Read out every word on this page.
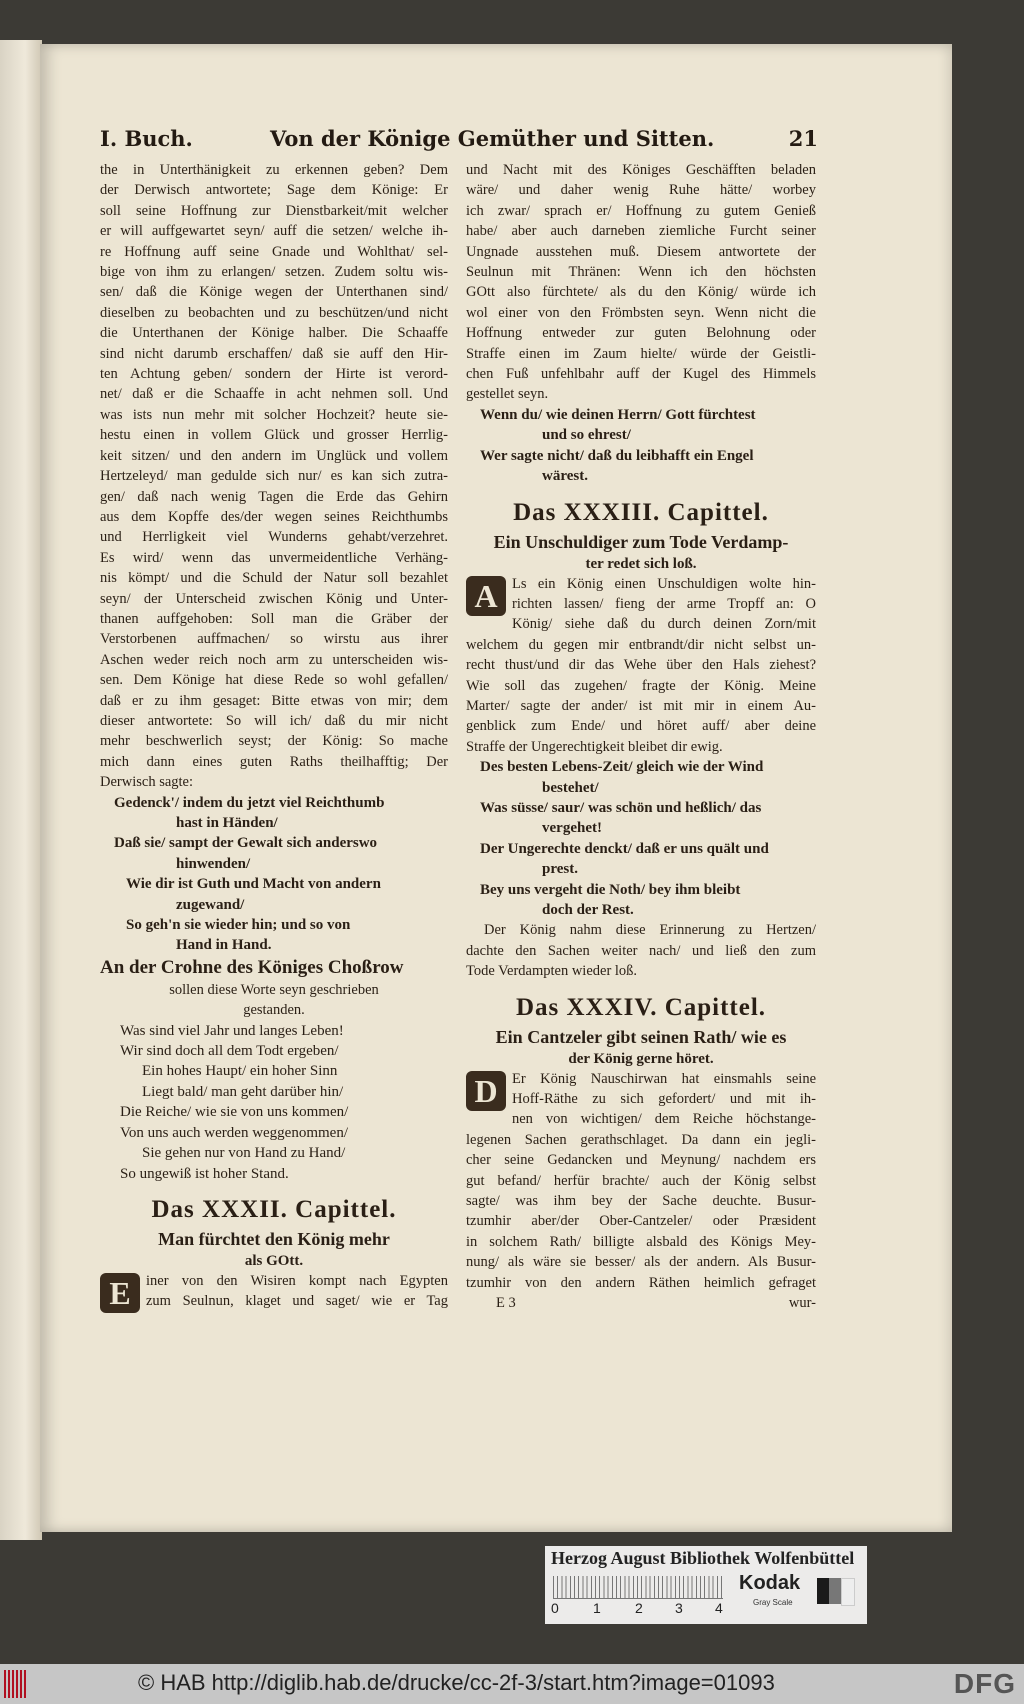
I. Buch.	Von der Könige Gemüther und Sitten.	21
the in Unterthänigkeit zu erkennen geben? Dem
der Derwisch antwortete; Sage dem Könige: Er
soll seine Hoffnung zur Dienstbarkeit/mit welcher
er will auffgewartet seyn/ auff die setzen/ welche ih-
re Hoffnung auff seine Gnade und Wohlthat/ sel-
bige von ihm zu erlangen/ setzen. Zudem soltu wis-
sen/ daß die Könige wegen der Unterthanen sind/
dieselben zu beobachten und zu beschützen/und nicht
die Unterthanen der Könige halber. Die Schaaffe
sind nicht darumb erschaffen/ daß sie auff den Hir-
ten Achtung geben/ sondern der Hirte ist verord-
net/ daß er die Schaaffe in acht nehmen soll. Und
was ists nun mehr mit solcher Hochzeit? heute sie-
hestu einen in vollem Glück und grosser Herrlig-
keit sitzen/ und den andern im Unglück und vollem
Hertzeleyd/ man gedulde sich nur/ es kan sich zutra-
gen/ daß nach wenig Tagen die Erde das Gehirn
aus dem Kopffe des/der wegen seines Reichthumbs
und Herrligkeit viel Wunderns gehabt/verzehret.
Es wird/ wenn das unvermeidentliche Verhäng-
nis kömpt/ und die Schuld der Natur soll bezahlet
seyn/ der Unterscheid zwischen König und Unter-
thanen auffgehoben: Soll man die Gräber der
Verstorbenen auffmachen/ so wirstu aus ihrer
Aschen weder reich noch arm zu unterscheiden wis-
sen. Dem Könige hat diese Rede so wohl gefallen/
daß er zu ihm gesaget: Bitte etwas von mir; dem
dieser antwortete: So will ich/ daß du mir nicht
mehr beschwerlich seyst; der König: So mache
mich dann eines guten Raths theilhafftig; Der
Derwisch sagte:
Gedenck'/ indem du jetzt viel Reichthumb
hast in Händen/
Daß sie/ sampt der Gewalt sich anderswo
hinwenden/
Wie dir ist Guth und Macht von andern
zugewand/
So geh'n sie wieder hin; und so von
Hand in Hand.
An der Crohne des Königes Choßrow
sollen diese Worte seyn geschrieben
gestanden.
Was sind viel Jahr und langes Leben!
Wir sind doch all dem Todt ergeben/
Ein hohes Haupt/ ein hoher Sinn
Liegt bald/ man geht darüber hin/
Die Reiche/ wie sie von uns kommen/
Von uns auch werden weggenommen/
Sie gehen nur von Hand zu Hand/
So ungewiß ist hoher Stand.
Das XXXII. Capittel.
Man fürchtet den König mehr
als GOtt.
E	iner von den Wisiren kompt nach Egypten
zum Seulnun, klaget und saget/ wie er Tag
und Nacht mit des Königes Geschäfften beladen
wäre/ und daher wenig Ruhe hätte/ worbey
ich zwar/ sprach er/ Hoffnung zu gutem Genieß
habe/ aber auch darneben ziemliche Furcht seiner
Ungnade ausstehen muß. Diesem antwortete der
Seulnun mit Thränen: Wenn ich den höchsten
GOtt also fürchtete/ als du den König/ würde ich
wol einer von den Frömbsten seyn. Wenn nicht die
Hoffnung entweder zur guten Belohnung oder
Straffe einen im Zaum hielte/ würde der Geistli-
chen Fuß unfehlbahr auff der Kugel des Himmels
gestellet seyn.
Wenn du/ wie deinen Herrn/ Gott fürchtest
und so ehrest/
Wer sagte nicht/ daß du leibhafft ein Engel
wärest.
Das XXXIII. Capittel.
Ein Unschuldiger zum Tode Verdamp-
ter redet sich loß.
A Ls ein König einen Unschuldigen wolte hin-
richten lassen/ fieng der arme Tropff an: O
König/ siehe daß du durch deinen Zorn/mit
welchem du gegen mir entbrandt/dir nicht selbst un-
recht thust/und dir das Wehe über den Hals ziehest?
Wie soll das zugehen/ fragte der König. Meine
Marter/ sagte der ander/ ist mit mir in einem Au-
genblick zum Ende/ und höret auff/ aber deine
Straffe der Ungerechtigkeit bleibet dir ewig.
Des besten Lebens-Zeit/ gleich wie der Wind
bestehet/
Was süsse/ saur/ was schön und heßlich/ das
vergehet!
Der Ungerechte denckt/ daß er uns quält und
prest.
Bey uns vergeht die Noth/ bey ihm bleibt
doch der Rest.
Der König nahm diese Erinnerung zu Hertzen/
dachte den Sachen weiter nach/ und ließ den zum
Tode Verdampten wieder loß.
Das XXXIV. Capittel.
Ein Cantzeler gibt seinen Rath/ wie es
der König gerne höret.
D Er König Nauschirwan hat einsmahls seine
Hoff-Räthe zu sich gefordert/ und mit ih-
nen von wichtigen/ dem Reiche höchstange-
legenen Sachen gerathschlaget. Da dann ein jegli-
cher seine Gedancken und Meynung/ nachdem ers
gut befand/ herfür brachte/ auch der König selbst
sagte/ was ihm bey der Sache deuchte. Busur-
tzumhir aber/der Ober-Cantzeler/ oder Præsident
in solchem Rath/ billigte alsbald des Königs Mey-
nung/ als wäre sie besser/ als der andern. Als Busur-
tzumhir von den andern Räthen heimlich gefraget
E 3	wur-
Herzog August Bibliothek Wolfenbüttel
0 1 2 3 4
Kodak
Gray Scale
© HAB http://diglib.hab.de/drucke/cc-2f-3/start.htm?image=01093	DFG
